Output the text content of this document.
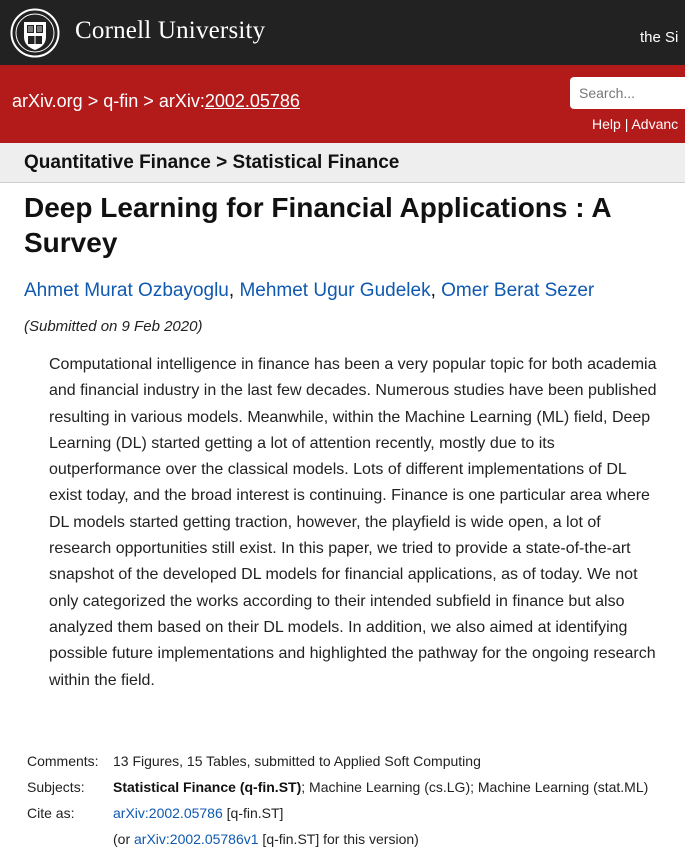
Cornell University	the Si
arXiv.org > q-fin > arXiv:2002.05786	Search...
Help | Advanc
Quantitative Finance > Statistical Finance
Deep Learning for Financial Applications : A Survey
Ahmet Murat Ozbayoglu, Mehmet Ugur Gudelek, Omer Berat Sezer
(Submitted on 9 Feb 2020)

Computational intelligence in finance has been a very popular topic for both academia and financial industry in the last few decades. Numerous studies have been published resulting in various models. Meanwhile, within the Machine Learning (ML) field, Deep Learning (DL) started getting a lot of attention recently, mostly due to its outperformance over the classical models. Lots of different implementations of DL exist today, and the broad interest is continuing. Finance is one particular area where DL models started getting traction, however, the playfield is wide open, a lot of research opportunities still exist. In this paper, we tried to provide a state-of-the-art snapshot of the developed DL models for financial applications, as of today. We not only categorized the works according to their intended subfield in finance but also analyzed them based on their DL models. In addition, we also aimed at identifying possible future implementations and highlighted the pathway for the ongoing research within the field.

Comments: 13 Figures, 15 Tables, submitted to Applied Soft Computing
Subjects: Statistical Finance (q-fin.ST); Machine Learning (cs.LG); Machine Learning (stat.ML)
Cite as:	arXiv:2002.05786 [q-fin.ST]
(or arXiv:2002.05786v1 [q-fin.ST] for this version)
